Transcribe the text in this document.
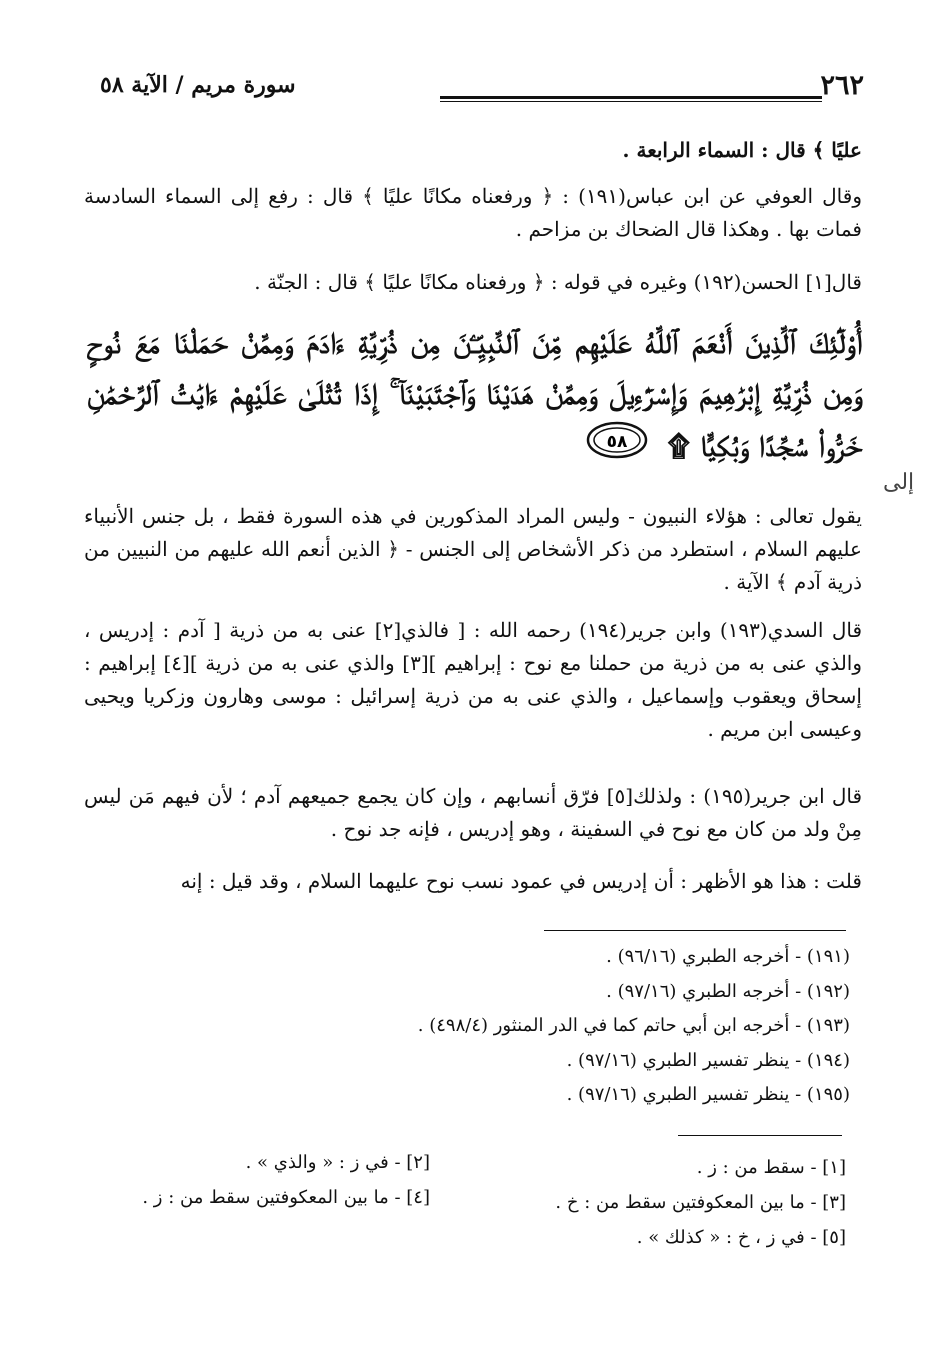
٢٦٢
سورة مريم / الآية ٥٨

عليًا ﴾ قال : السماء الرابعة .

وقال العوفي عن ابن عباس(١٩١) : ﴿ ورفعناه مكانًا عليًا ﴾ قال : رفع إلى السماء السادسة فمات بها . وهكذا قال الضحاك بن مزاحم .

قال[١] الحسن(١٩٢) وغيره في قوله : ﴿ ورفعناه مكانًا عليًا ﴾ قال : الجنّة .

أُوْلَٰٓئِكَ ٱلَّذِينَ أَنْعَمَ ٱللَّهُ عَلَيْهِم مِّنَ ٱلنَّبِيِّـۧنَ مِن ذُرِّيَّةِ ءَادَمَ وَمِمَّنْ حَمَلْنَا مَعَ نُوحٍ وَمِن ذُرِّيَّةِ إِبْرَٰهِيمَ وَإِسْرَٰٓءِيلَ وَمِمَّنْ هَدَيْنَا وَٱجْتَبَيْنَآ ۚ إِذَا تُتْلَىٰ عَلَيْهِمْ ءَايَٰتُ ٱلرَّحْمَٰنِ خَرُّوا۟ سُجَّدًا وَبُكِيًّا ۩
٥٨
إلى

يقول تعالى : هؤلاء النبيون - وليس المراد المذكورين في هذه السورة فقط ، بل جنس الأنبياء عليهم السلام ، استطرد من ذكر الأشخاص إلى الجنس - ﴿ الذين أنعم الله عليهم من النبيين من ذرية آدم ﴾ الآية .

قال السدي(١٩٣) وابن جرير(١٩٤) رحمه الله : [ فالذي[٢] عنى به من ذرية [ آدم : إدريس ، والذي عنى به من ذرية من حملنا مع نوح : إبراهيم ][٣] والذي عنى به من ذرية ][٤] إبراهيم : إسحاق ويعقوب وإسماعيل ، والذي عنى به من ذرية إسرائيل : موسى وهارون وزكريا ويحيى وعيسى ابن مريم .

قال ابن جرير(١٩٥) : ولذلك[٥] فرّق أنسابهم ، وإن كان يجمع جميعهم آدم ؛ لأن فيهم مَن ليس مِنْ ولد من كان مع نوح في السفينة ، وهو إدريس ، فإنه جد نوح .

قلت : هذا هو الأظهر : أن إدريس في عمود نسب نوح عليهما السلام ، وقد قيل : إنه

(١٩١) - أخرجه الطبري (٩٦/١٦) .
(١٩٢) - أخرجه الطبري (٩٧/١٦) .
(١٩٣) - أخرجه ابن أبي حاتم كما في الدر المنثور (٤٩٨/٤) .
(١٩٤) - ينظر تفسير الطبري (٩٧/١٦) .
(١٩٥) - ينظر تفسير الطبري (٩٧/١٦) .
[١] - سقط من : ز .
[٣] - ما بين المعكوفتين سقط من : خ .
[٥] - في ز ، خ : « كذلك » .
[٢] - في ز : « والذي » .
[٤] - ما بين المعكوفتين سقط من : ز .
